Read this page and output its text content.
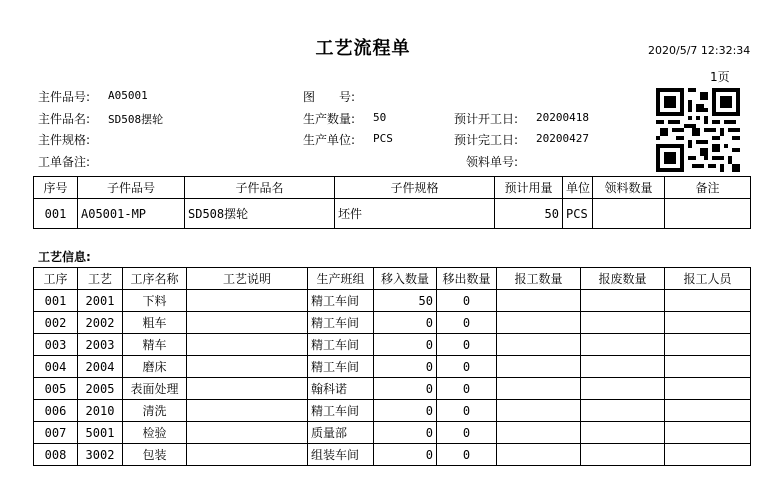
工艺流程单	2020/5/7 12:32:34
1页
主件品号: A05001
主件品名: SD508摆轮
主件规格:
工单备注:
图　　号:
生产数量: 50
生产单位: PCS
预计开工日: 20200418
预计完工日: 20200427
领料单号:
序号	子件品号	子件品名	子件规格	预计用量	单位	领料数量	备注
001	A05001-MP	SD508摆轮	坯件	50	PCS		
工艺信息:
工序	工艺	工序名称	工艺说明	生产班组	移入数量	移出数量	报工数量	报废数量	报工人员
001	2001	下料		精工车间	50	0			
002	2002	粗车		精工车间	0	0			
003	2003	精车		精工车间	0	0			
004	2004	磨床		精工车间	0	0			
005	2005	表面处理		翰科诺	0	0			
006	2010	清洗		精工车间	0	0			
007	5001	检验		质量部	0	0			
008	3002	包装		组装车间	0	0			
